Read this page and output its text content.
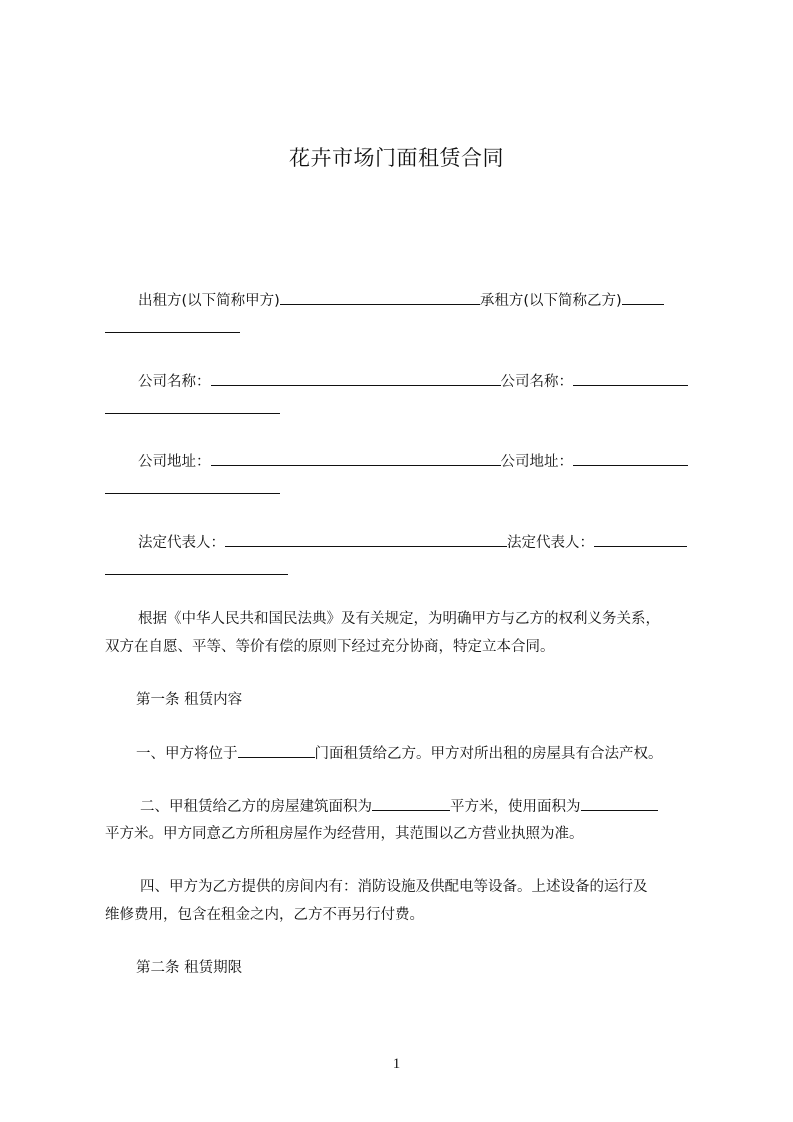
花卉市场门面租赁合同
出租方(以下简称甲方)	承租方(以下简称乙方)
公司名称：	公司名称：
公司地址：	公司地址：
法定代表人：	法定代表人：
根据《中华人民共和国民法典》及有关规定，为明确甲方与乙方的权利义务关系，
双方在自愿、平等、等价有偿的原则下经过充分协商，特定立本合同。
第一条 租赁内容
一、甲方将位于	门面租赁给乙方。甲方对所出租的房屋具有合法产权。
二、甲租赁给乙方的房屋建筑面积为	平方米，使用面积为
平方米。甲方同意乙方所租房屋作为经营用，其范围以乙方营业执照为准。
四、甲方为乙方提供的房间内有：消防设施及供配电等设备。上述设备的运行及
维修费用，包含在租金之内，乙方不再另行付费。
第二条 租赁期限
1
